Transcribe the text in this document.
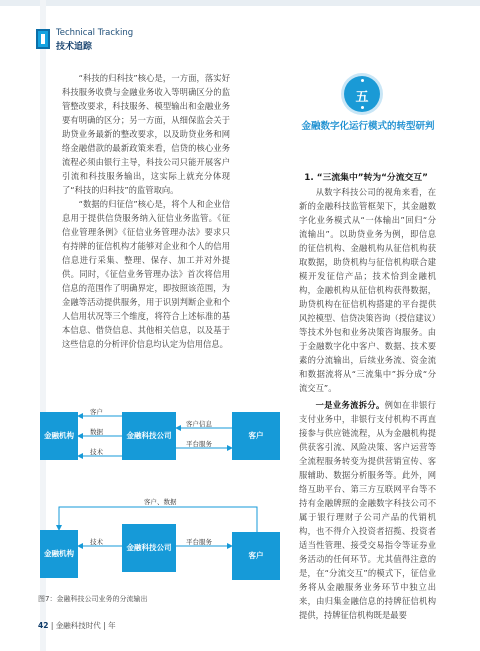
Technical Tracking
技术追踪

“科技的归科技”核心是，一方面，落实好科技服务收费与金融业务收入等明确区分的监管整改要求，科技服务、模型输出和金融业务要有明确的区分；另一方面，从细保监会关于助贷业务最新的整改要求，以及助贷业务和网络金融借款的最新政策来看，信贷的核心业务流程必须由银行主导，科技公司只能开展客户引流和科技服务输出，这实际上就充分体现了“科技的归科技”的监管取向。

“数据的归征信”核心是，将个人和企业信息用于提供信贷服务纳入征信业务监管。《征信业管理条例》《征信业务管理办法》要求只有持牌的征信机构才能够对企业和个人的信用信息进行采集、整理、保存、加工并对外提供。同时，《征信业务管理办法》首次将信用信息的范围作了明确界定，即按照该范围，为金融等活动提供服务，用于识别判断企业和个人信用状况等三个维度，将符合上述标准的基本信息、借贷信息、其他相关信息，以及基于这些信息的分析评价信息均认定为信用信息。

五
金融数字化运行模式的转型研判

1. “三流集中”转为“分流交互”

从数字科技公司的视角来看，在新的金融科技监管框架下，其金融数字化业务模式从“一体输出”回归“分流输出”。以助贷业务为例，即信息的征信机构、金融机构从征信机构获取数据，助贷机构与征信机构联合建模开发征信产品；技术恰到金融机构，金融机构从征信机构获得数据，助贷机构在征信机构搭建的平台提供风控模型、信贷决策咨询（授信建议）等技术外包和业务决策咨询服务。由于金融数字化中客户、数据、技术要素的分流输出，后续业务流、资金流和数据流将从“三流集中”拆分成“分流交互”。

一是业务流拆分。例如在非银行支付业务中，非银行支付机构不再直接参与供应链流程，从为金融机构提供获客引流、风险决策、客户运营等全流程服务转变为提供营销宣传、客服辅助、数据分析服务等。此外，网络互助平台、第三方互联网平台等不持有金融牌照的金融数字科技公司不属于银行理财子公司产品的代销机构，也不得介入投资者招揽、投资者适当性管理、接受交易指令等证券业务活动的任何环节。尤其值得注意的是，在“分流交互”的模式下，征信业务将从金融服务业务环节中独立出来，由归集金融信息的持牌征信机构提供，持牌征信机构既是最要

金融机构	金融科技公司	客户
客户
数据
技术
客户信息
平台服务
金融机构
金融科技公司
客户
客户、数据
技术	平台服务
图7：金融科技公司业务的分流输出
42 | 金融科技时代 | 年
